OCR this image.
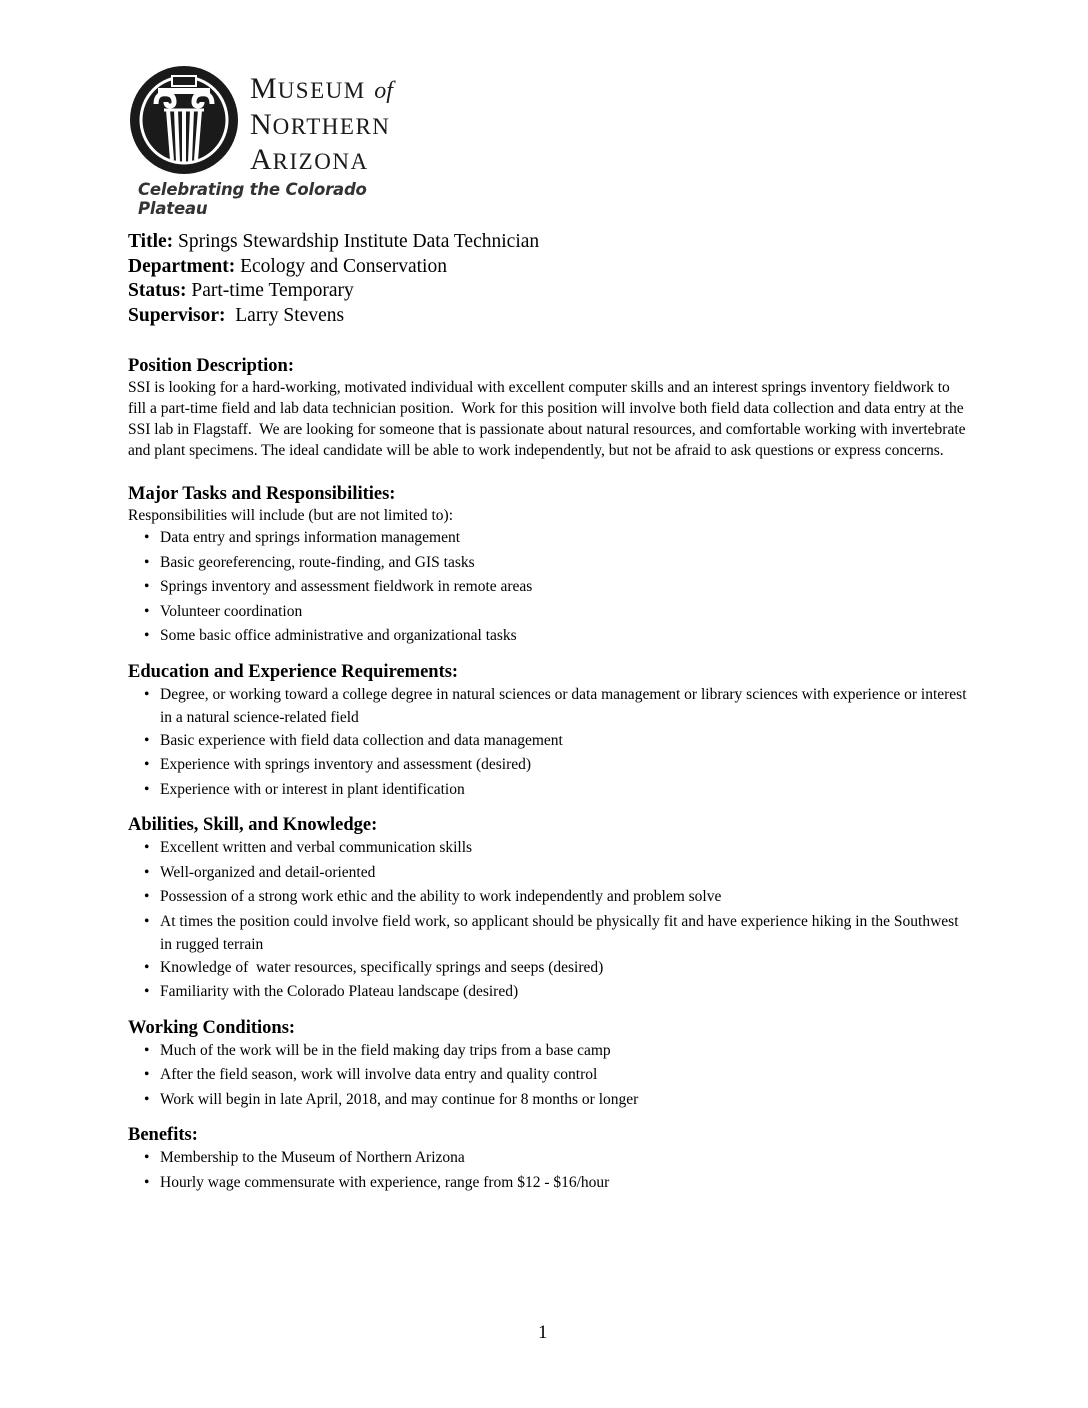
MUSEUM of
NORTHERN
ARIZONA
Celebrating the Colorado Plateau
Title: Springs Stewardship Institute Data Technician
Department: Ecology and Conservation
Status: Part-time Temporary
Supervisor:  Larry Stevens
Position Description:

SSI is looking for a hard-working, motivated individual with excellent computer skills and an interest springs inventory fieldwork to fill a part-time field and lab data technician position.  Work for this position will involve both field data collection and data entry at the SSI lab in Flagstaff.  We are looking for someone that is passionate about natural resources, and comfortable working with invertebrate and plant specimens. The ideal candidate will be able to work independently, but not be afraid to ask questions or express concerns.

Major Tasks and Responsibilities:

Responsibilities will include (but are not limited to):

• Data entry and springs information management
• Basic georeferencing, route-finding, and GIS tasks
• Springs inventory and assessment fieldwork in remote areas
• Volunteer coordination
• Some basic office administrative and organizational tasks
Education and Experience Requirements:
• Degree, or working toward a college degree in natural sciences or data management or library sciences with experience or interest in a natural science-related field
• Basic experience with field data collection and data management
• Experience with springs inventory and assessment (desired)
• Experience with or interest in plant identification
Abilities, Skill, and Knowledge:
• Excellent written and verbal communication skills
• Well-organized and detail-oriented
• Possession of a strong work ethic and the ability to work independently and problem solve
• At times the position could involve field work, so applicant should be physically fit and have experience hiking in the Southwest in rugged terrain
• Knowledge of  water resources, specifically springs and seeps (desired)
• Familiarity with the Colorado Plateau landscape (desired)
Working Conditions:
• Much of the work will be in the field making day trips from a base camp
• After the field season, work will involve data entry and quality control
• Work will begin in late April, 2018, and may continue for 8 months or longer
Benefits:
• Membership to the Museum of Northern Arizona
• Hourly wage commensurate with experience, range from $12 - $16/hour
1
